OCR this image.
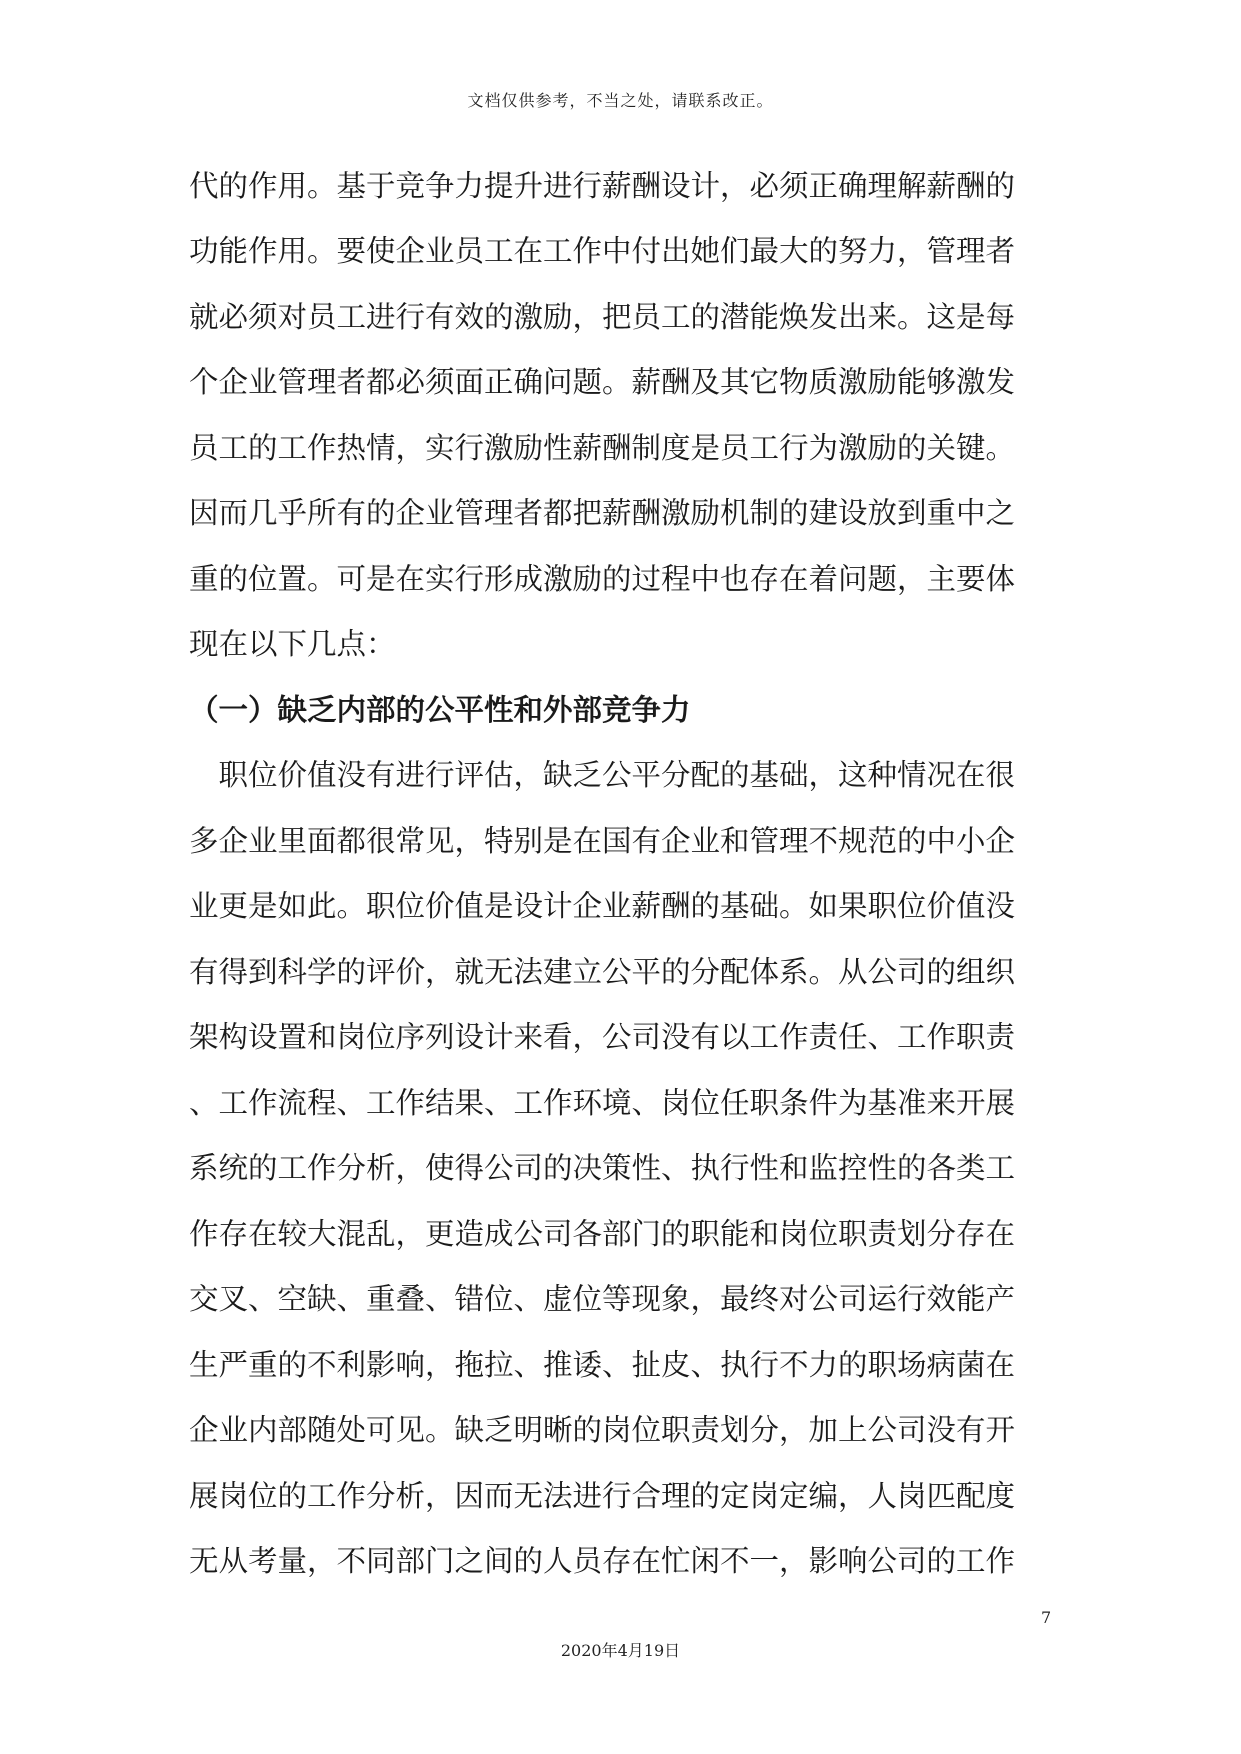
文档仅供参考，不当之处，请联系改正。
代的作用。基于竞争力提升进行薪酬设计，必须正确理解薪酬的
功能作用。要使企业员工在工作中付出她们最大的努力，管理者
就必须对员工进行有效的激励，把员工的潜能焕发出来。这是每
个企业管理者都必须面正确问题。薪酬及其它物质激励能够激发
员工的工作热情，实行激励性薪酬制度是员工行为激励的关键。
因而几乎所有的企业管理者都把薪酬激励机制的建设放到重中之
重的位置。可是在实行形成激励的过程中也存在着问题，主要体
现在以下几点：
（一）缺乏内部的公平性和外部竞争力
　职位价值没有进行评估，缺乏公平分配的基础，这种情况在很
多企业里面都很常见，特别是在国有企业和管理不规范的中小企
业更是如此。职位价值是设计企业薪酬的基础。如果职位价值没
有得到科学的评价，就无法建立公平的分配体系。从公司的组织
架构设置和岗位序列设计来看，公司没有以工作责任、工作职责
、工作流程、工作结果、工作环境、岗位任职条件为基准来开展
系统的工作分析，使得公司的决策性、执行性和监控性的各类工
作存在较大混乱，更造成公司各部门的职能和岗位职责划分存在
交叉、空缺、重叠、错位、虚位等现象，最终对公司运行效能产
生严重的不利影响，拖拉、推诿、扯皮、执行不力的职场病菌在
企业内部随处可见。缺乏明晰的岗位职责划分，加上公司没有开
展岗位的工作分析，因而无法进行合理的定岗定编，人岗匹配度
无从考量，不同部门之间的人员存在忙闲不一，影响公司的工作
7
2020年4月19日
